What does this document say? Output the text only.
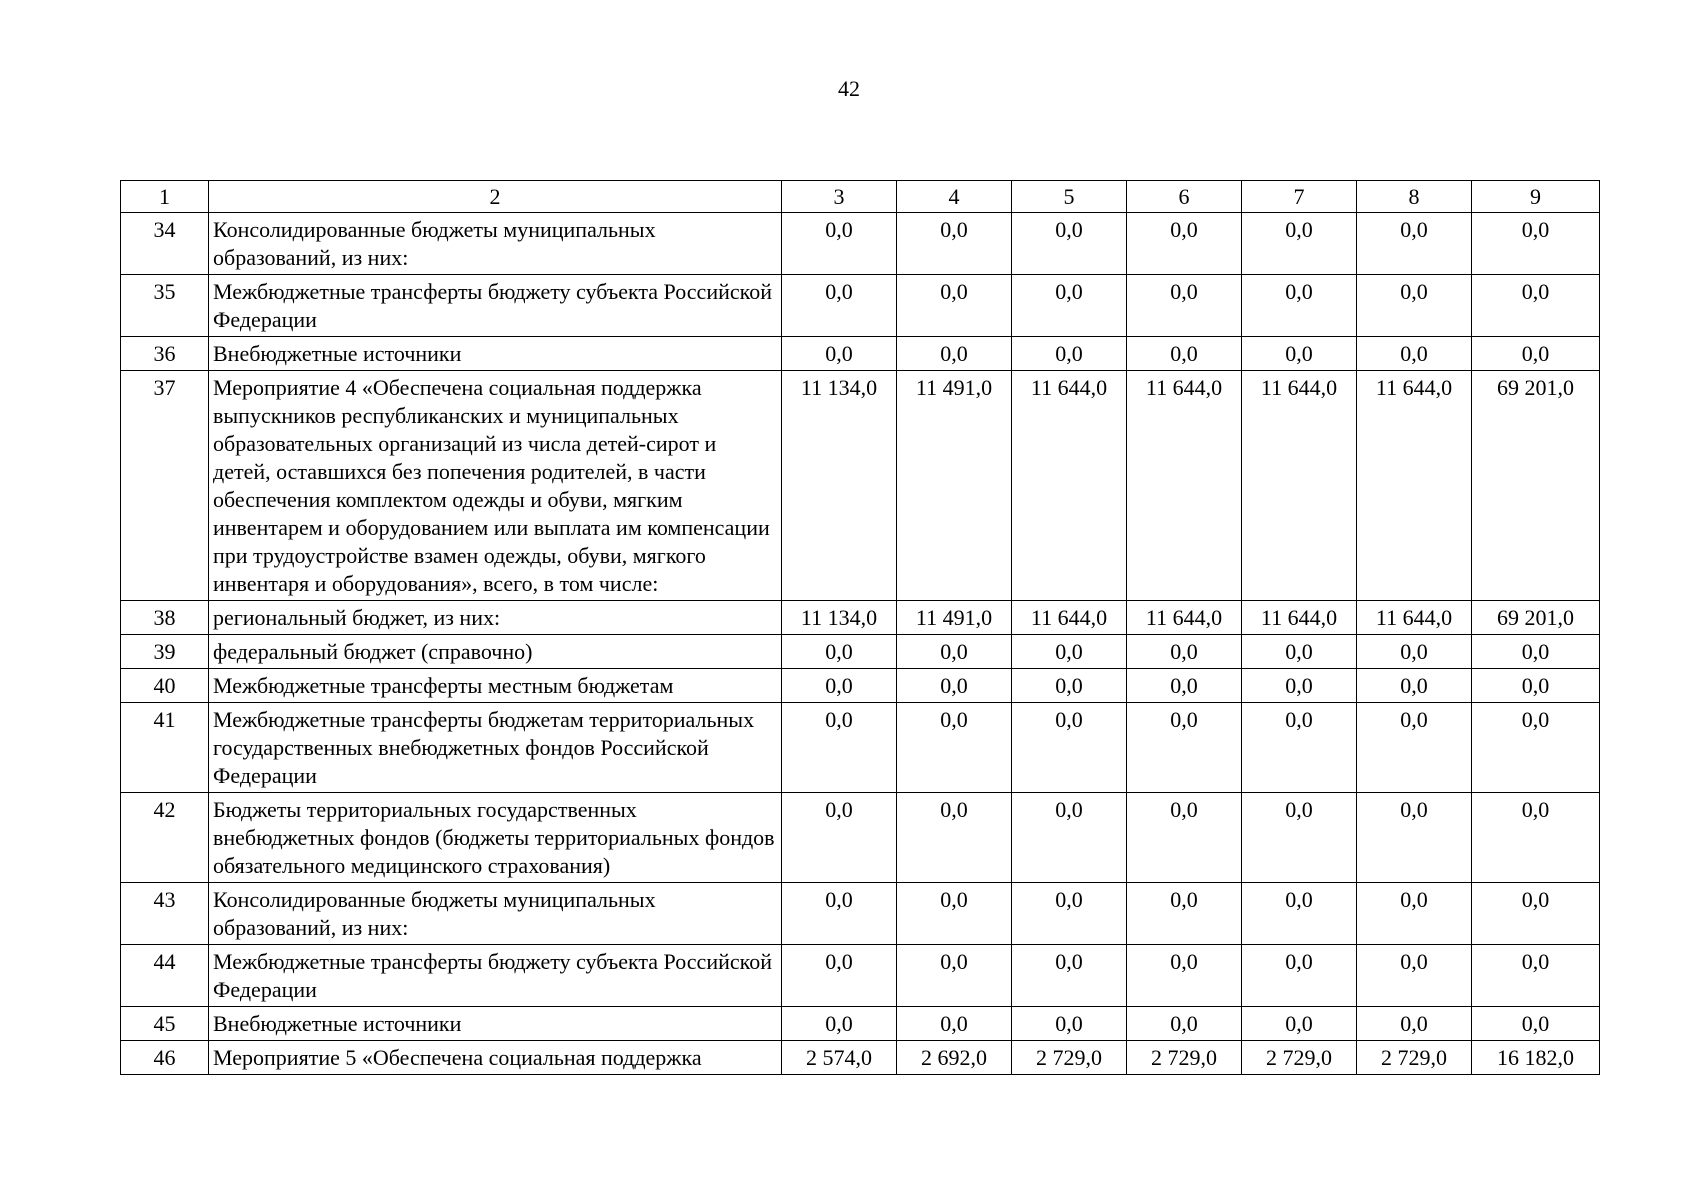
42
1	2	3	4	5	6	7	8	9
34	Консолидированные бюджеты муниципальных образований, из них:	0,0	0,0	0,0	0,0	0,0	0,0	0,0
35	Межбюджетные трансферты бюджету субъекта Российской Федерации	0,0	0,0	0,0	0,0	0,0	0,0	0,0
36	Внебюджетные источники	0,0	0,0	0,0	0,0	0,0	0,0	0,0
37	Мероприятие 4 «Обеспечена социальная поддержка выпускников республиканских и муниципальных образовательных организаций из числа детей-сирот и детей, оставшихся без попечения родителей, в части обеспечения комплектом одежды и обуви, мягким инвентарем и оборудованием или выплата им компенсации при трудоустройстве взамен одежды, обуви, мягкого инвентаря и оборудования», всего, в том числе:	11 134,0	11 491,0	11 644,0	11 644,0	11 644,0	11 644,0	69 201,0
38	региональный бюджет, из них:	11 134,0	11 491,0	11 644,0	11 644,0	11 644,0	11 644,0	69 201,0
39	федеральный бюджет (справочно)	0,0	0,0	0,0	0,0	0,0	0,0	0,0
40	Межбюджетные трансферты местным бюджетам	0,0	0,0	0,0	0,0	0,0	0,0	0,0
41	Межбюджетные трансферты бюджетам территориальных государственных внебюджетных фондов Российской Федерации	0,0	0,0	0,0	0,0	0,0	0,0	0,0
42	Бюджеты территориальных государственных внебюджетных фондов (бюджеты территориальных фондов обязательного медицинского страхования)	0,0	0,0	0,0	0,0	0,0	0,0	0,0
43	Консолидированные бюджеты муниципальных образований, из них:	0,0	0,0	0,0	0,0	0,0	0,0	0,0
44	Межбюджетные трансферты бюджету субъекта Российской Федерации	0,0	0,0	0,0	0,0	0,0	0,0	0,0
45	Внебюджетные источники	0,0	0,0	0,0	0,0	0,0	0,0	0,0
46	Мероприятие 5 «Обеспечена социальная поддержка	2 574,0	2 692,0	2 729,0	2 729,0	2 729,0	2 729,0	16 182,0
